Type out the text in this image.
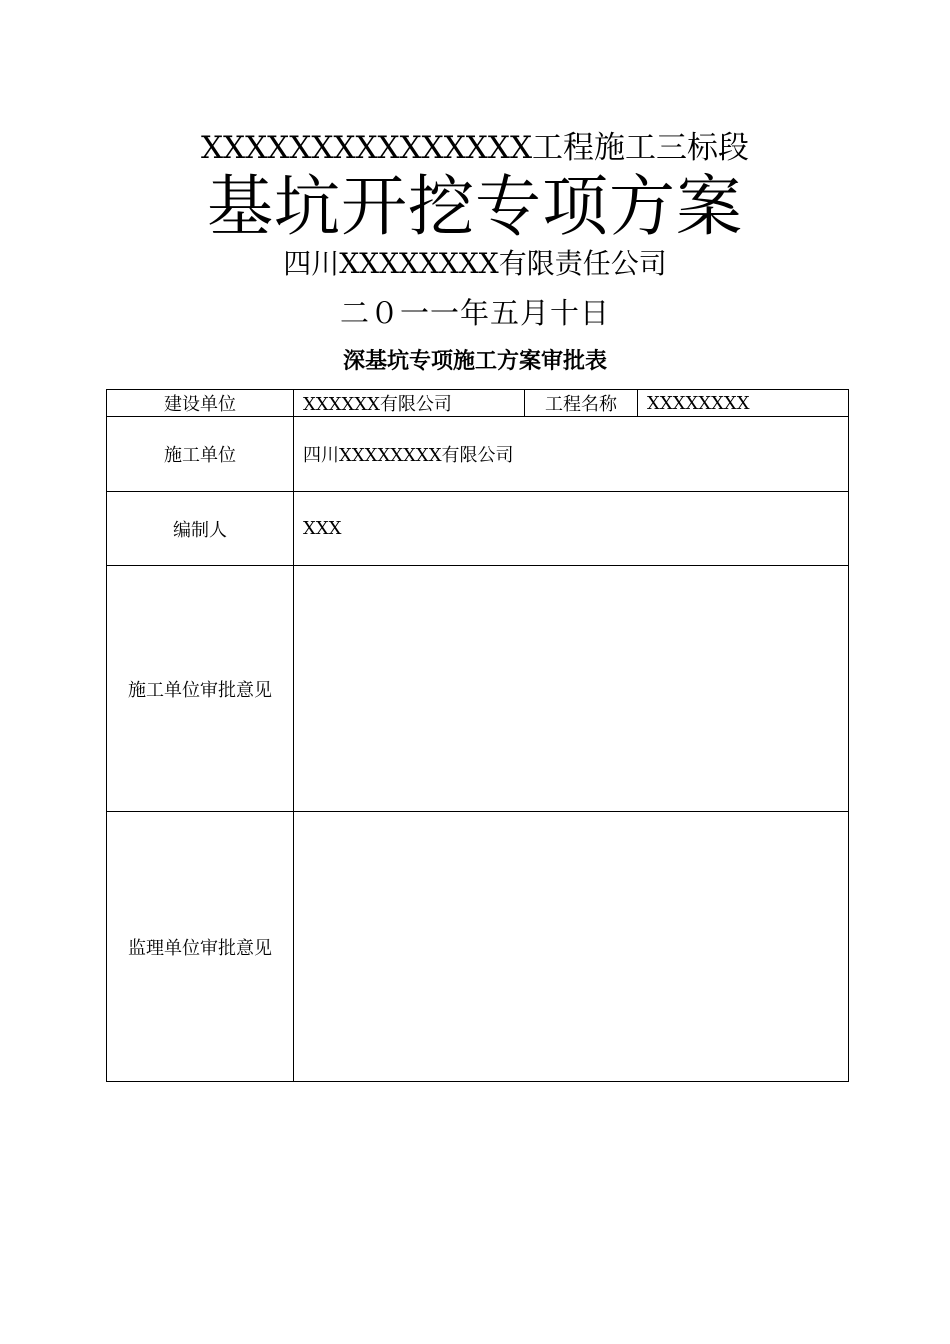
XXXXXXXXXXXXXXX工程施工三标段
基坑开挖专项方案
四川XXXXXXXX有限责任公司
二０一一年五月十日
深基坑专项施工方案审批表
建设单位	XXXXXX有限公司	工程名称	XXXXXXXX
施工单位	四川XXXXXXXX有限公司		
编制人	XXX		
施工单位审批意见			
监理单位审批意见			
